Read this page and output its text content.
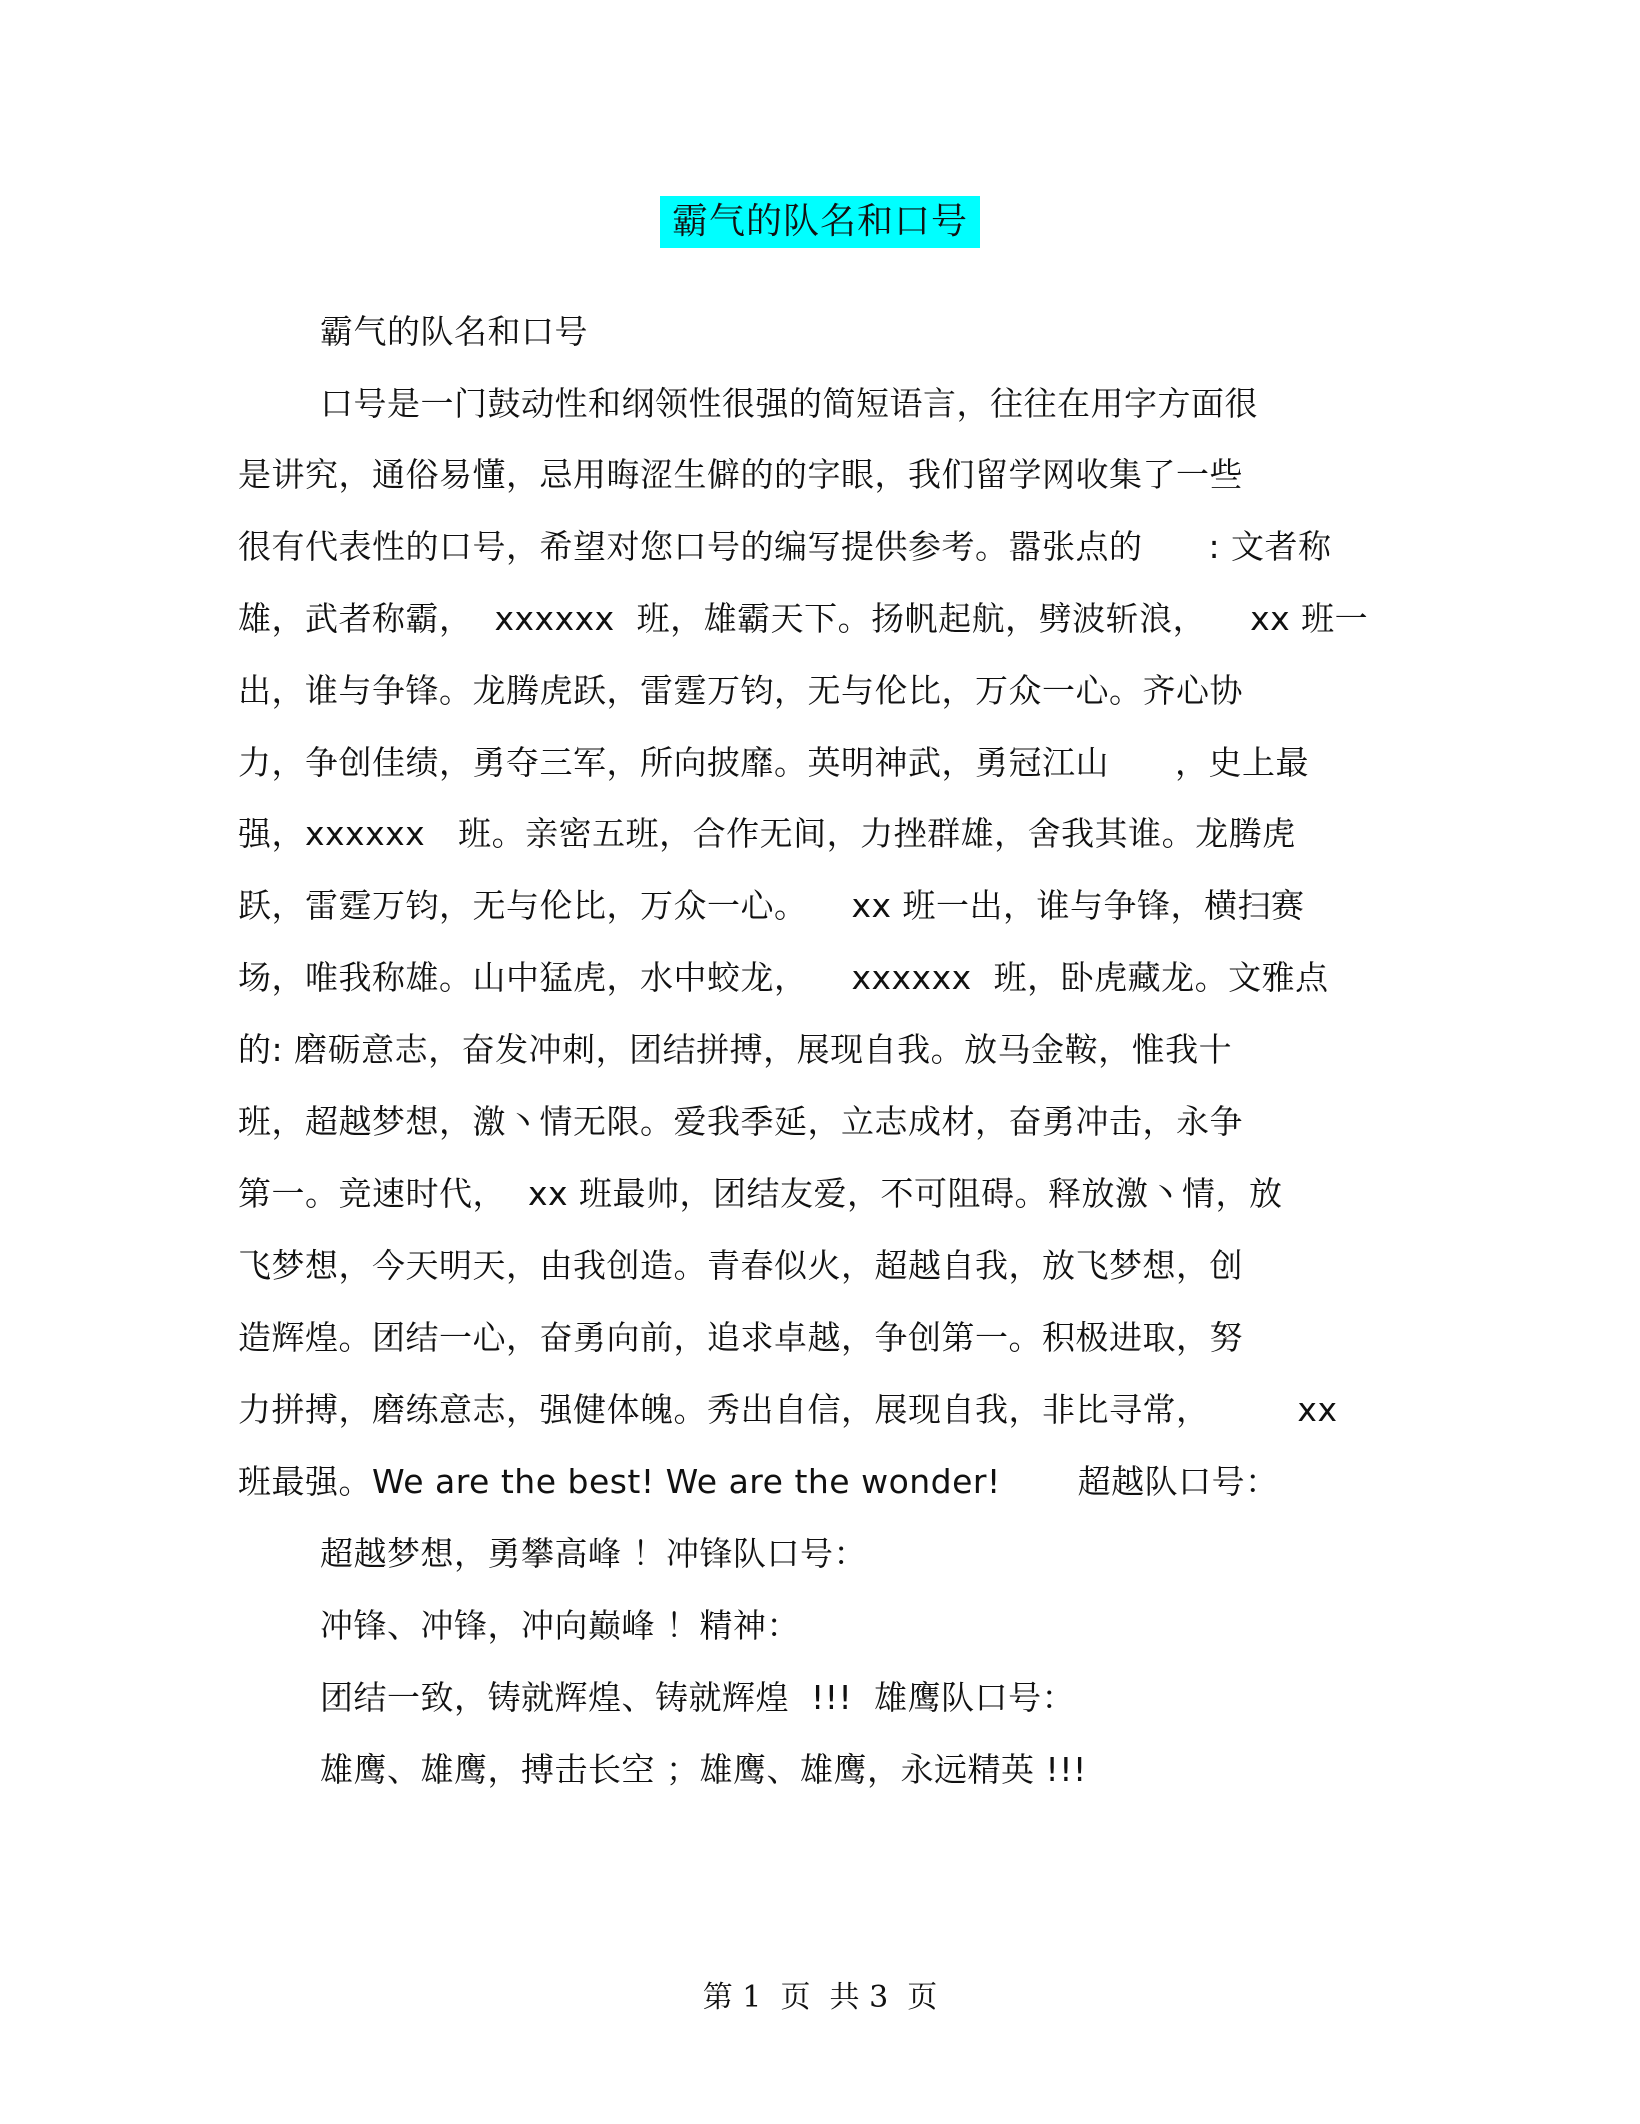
霸气的队名和口号
霸气的队名和口号
口号是一门鼓动性和纲领性很强的简短语言，往往在用字方面很
是讲究，通俗易懂，忌用晦涩生僻的的字眼，我们留学网收集了一些
很有代表性的口号，希望对您口号的编写提供参考。嚣张点的      : 文者称
雄，武者称霸，  xxxxxx  班，雄霸天下。扬帆起航，劈波斩浪，    xx 班一
出，谁与争锋。龙腾虎跃，雷霆万钧，无与伦比，万众一心。齐心协
力，争创佳绩，勇夺三军，所向披靡。英明神武，勇冠江山      ，史上最
强，xxxxxx   班。亲密五班，合作无间，力挫群雄，舍我其谁。龙腾虎
跃，雷霆万钧，无与伦比，万众一心。    xx 班一出，谁与争锋，横扫赛
场，唯我称雄。山中猛虎，水中蛟龙，    xxxxxx  班，卧虎藏龙。文雅点
的: 磨砺意志，奋发冲刺，团结拼搏，展现自我。放马金鞍，惟我十
班，超越梦想，激丶情无限。爱我季延，立志成材，奋勇冲击，永争
第一。竞速时代，  xx 班最帅，团结友爱，不可阻碍。释放激丶情，放
飞梦想，今天明天，由我创造。青春似火，超越自我，放飞梦想，创
造辉煌。团结一心，奋勇向前，追求卓越，争创第一。积极进取，努
力拼搏，磨练意志，强健体魄。秀出自信，展现自我，非比寻常，        xx
班最强。We are the best! We are the wonder!       超越队口号：
超越梦想，勇攀高峰 ！冲锋队口号：
冲锋、冲锋，冲向巅峰 ！精神：
团结一致，铸就辉煌、铸就辉煌  !!!  雄鹰队口号：
雄鹰、雄鹰，搏击长空 ；雄鹰、雄鹰，永远精英 !!!
第 1  页  共 3  页
